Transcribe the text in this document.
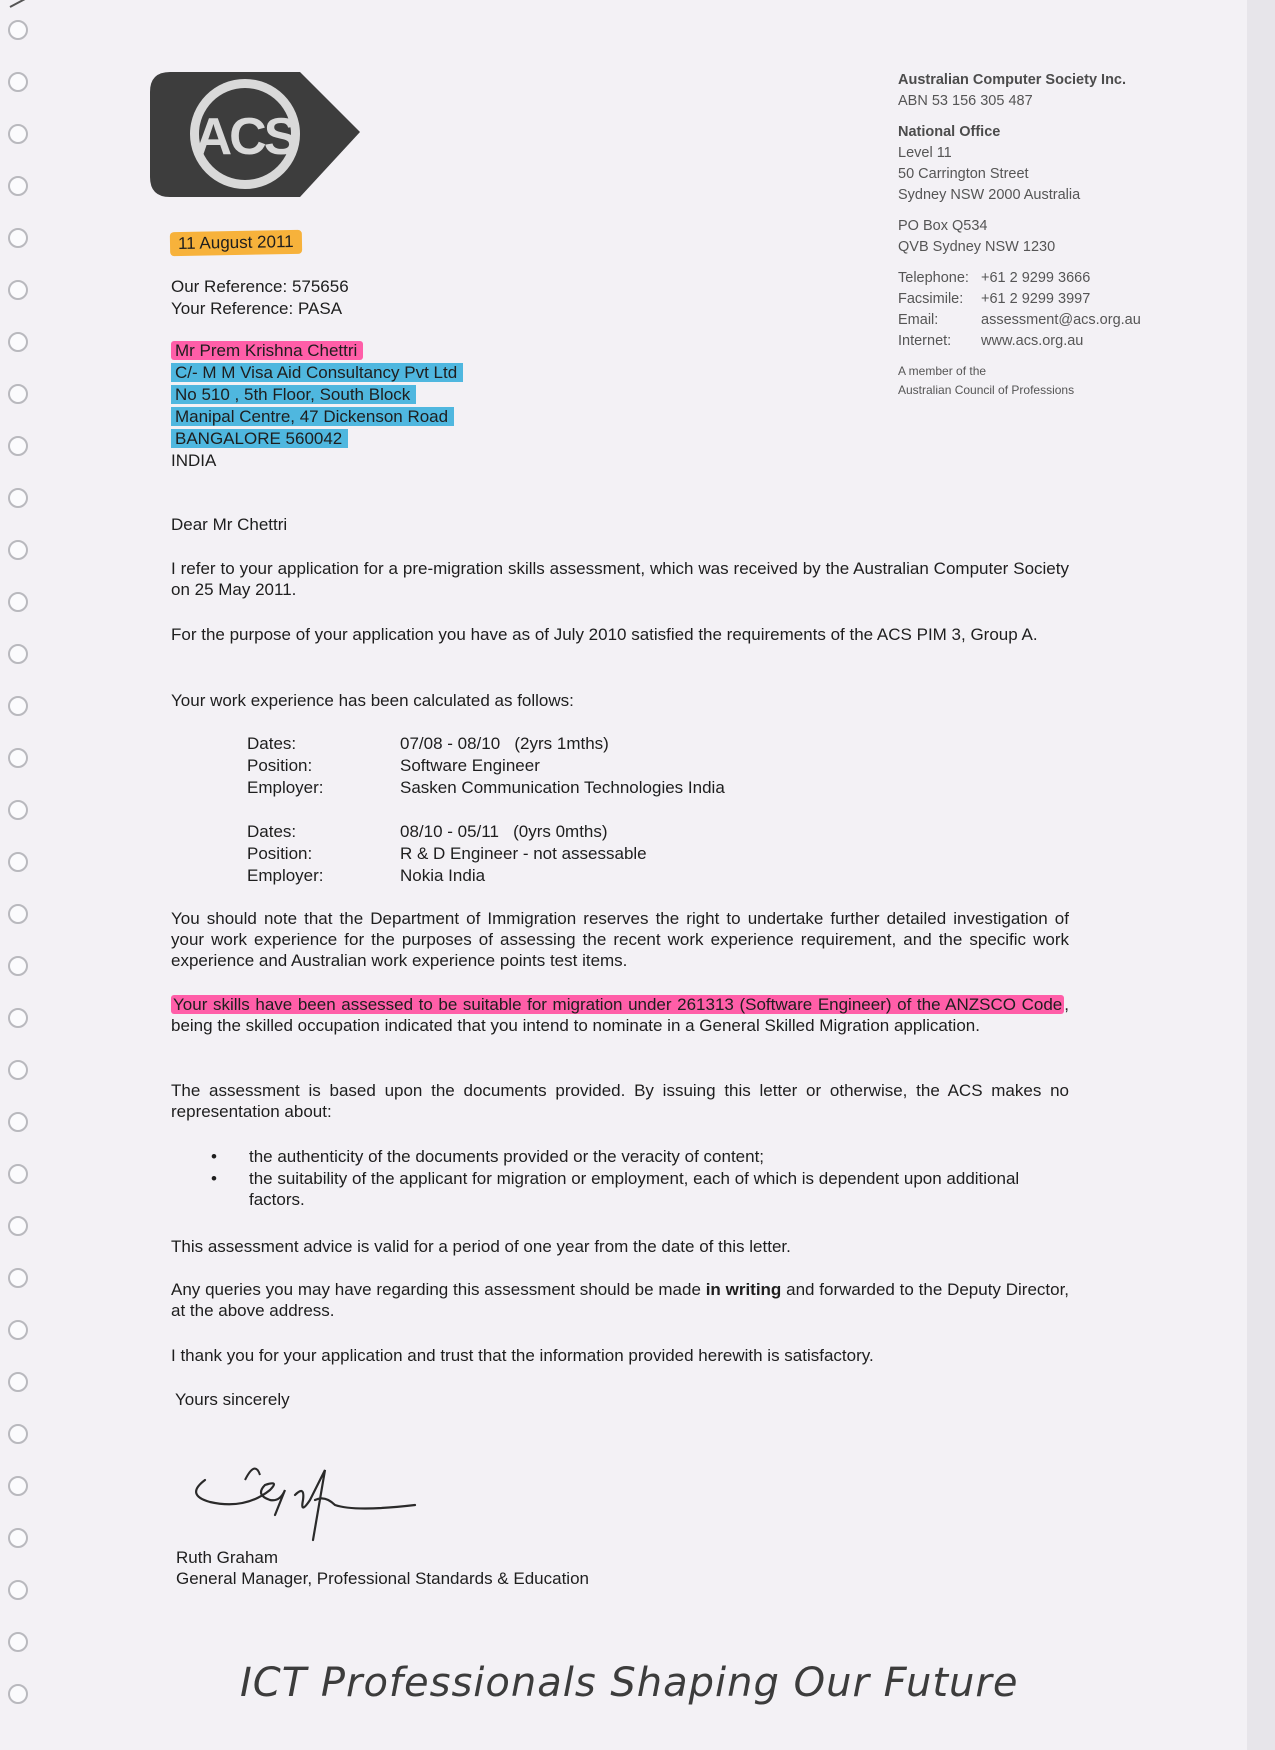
ACS
Australian Computer Society Inc.
ABN 53 156 305 487
National Office
Level 11
50 Carrington Street
Sydney NSW 2000 Australia
PO Box Q534
QVB Sydney NSW 1230
Telephone: +61 2 9299 3666
Facsimile:	+61 2 9299 3997
Email:	assessment@acs.org.au
Internet:	www.acs.org.au
A member of the
Australian Council of Professions
11 August 2011
Our Reference: 575656
Your Reference: PASA
Mr Prem Krishna Chettri
C/- M M Visa Aid Consultancy Pvt Ltd
No 510 , 5th Floor, South Block
Manipal Centre, 47 Dickenson Road
BANGALORE 560042
INDIA
Dear Mr Chettri
I refer to your application for a pre-migration skills assessment, which was received by the Australian Computer Society on 25 May 2011.
For the purpose of your application you have as of July 2010 satisfied the requirements of the ACS PIM 3, Group A.
Your work experience has been calculated as follows:
Dates:	07/08 - 08/10   (2yrs 1mths)
Position:	Software Engineer
Employer:	Sasken Communication Technologies India
Dates:	08/10 - 05/11   (0yrs 0mths)
Position:	R & D Engineer - not assessable
Employer:	Nokia India
You should note that the Department of Immigration reserves the right to undertake further detailed investigation of your work experience for the purposes of assessing the recent work experience requirement, and the specific work experience and Australian work experience points test items.
Your skills have been assessed to be suitable for migration under 261313 (Software Engineer) of the ANZSCO Code , being the skilled occupation indicated that you intend to nominate in a General Skilled Migration application.
The assessment is based upon the documents provided. By issuing this letter or otherwise, the ACS makes no representation about:
•	the authenticity of the documents provided or the veracity of content;
•	the suitability of the applicant for migration or employment, each of which is dependent upon additional factors.
This assessment advice is valid for a period of one year from the date of this letter.
Any queries you may have regarding this assessment should be made in writing and forwarded to the Deputy Director, at the above address.
I thank you for your application and trust that the information provided herewith is satisfactory.
Yours sincerely
Ruth Graham
General Manager, Professional Standards & Education
ICT Professionals Shaping Our Future
